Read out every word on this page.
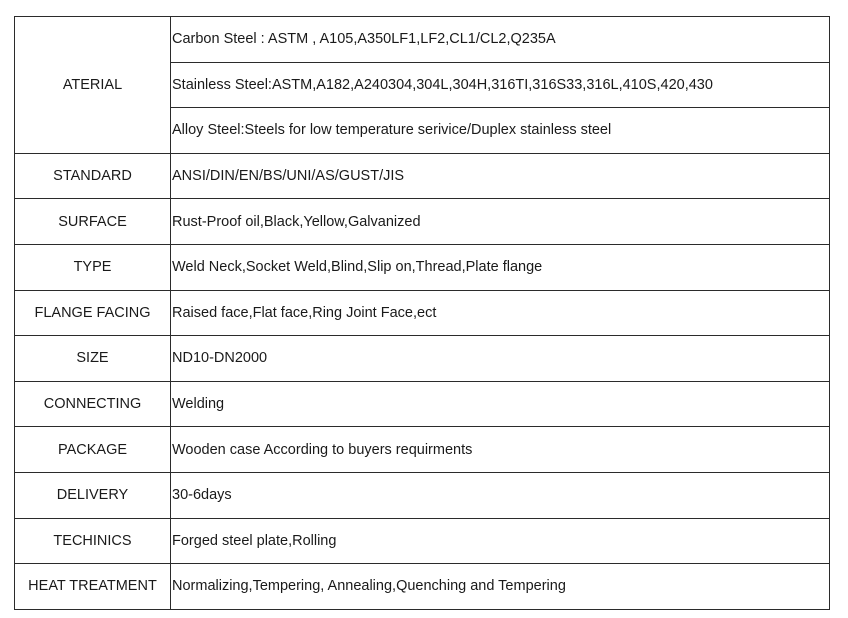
ATERIAL	Carbon Steel : ASTM , A105,A350LF1,LF2,CL1/CL2,Q235A
	Stainless Steel:ASTM,A182,A240304,304L,304H,316TI,316S33,316L,410S,420,430
	Alloy Steel:Steels for low temperature serivice/Duplex stainless steel
STANDARD	ANSI/DIN/EN/BS/UNI/AS/GUST/JIS
SURFACE	Rust-Proof oil,Black,Yellow,Galvanized
TYPE	Weld Neck,Socket Weld,Blind,Slip on,Thread,Plate flange
FLANGE FACING	Raised face,Flat face,Ring Joint Face,ect
SIZE	ND10-DN2000
CONNECTING	Welding
PACKAGE	Wooden case According to buyers requirments
DELIVERY	30-6days
TECHINICS	Forged steel plate,Rolling
HEAT TREATMENT	Normalizing,Tempering, Annealing,Quenching and Tempering
